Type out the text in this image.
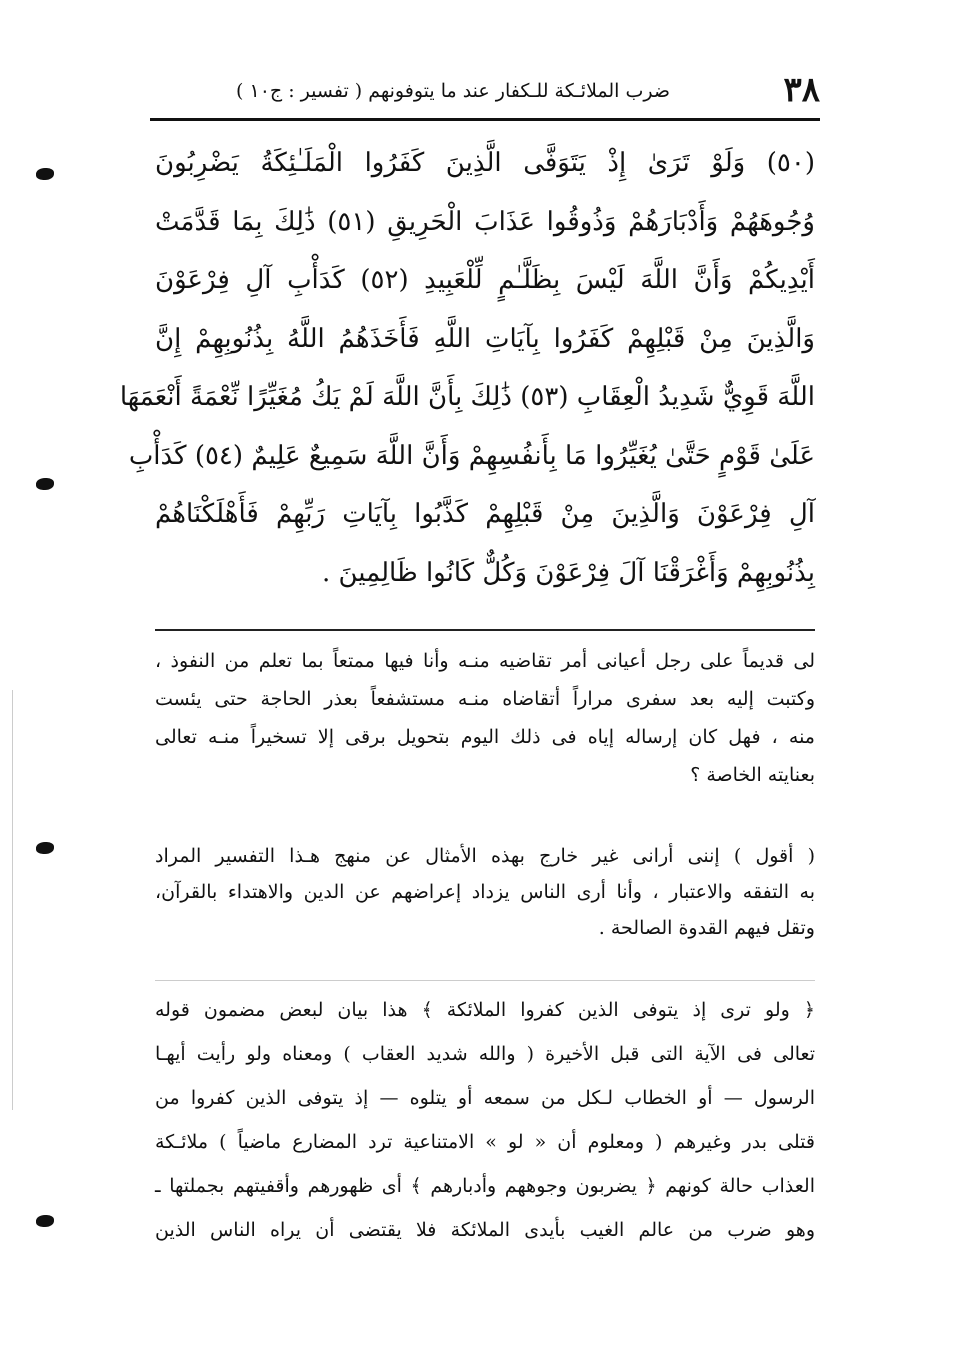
٣٨
ضرب الملائـكة للـكفار عند ما يتوفونهم ( تفسير : ج١٠ )
(٥٠) وَلَوْ تَرَىٰ إِذْ يَتَوَفَّى الَّذِينَ كَفَرُوا الْمَلَـٰئِكَةُ يَضْرِبُونَ
وُجُوهَهُمْ وَأَدْبَارَهُمْ وَذُوقُوا عَذَابَ الْحَرِيقِ (٥١) ذَٰلِكَ بِمَا قَدَّمَتْ
أَيْدِيكُمْ وَأَنَّ اللَّهَ لَيْسَ بِظَلَّـٰمٍ لِّلْعَبِيدِ (٥٢) كَدَأْبِ آلِ فِرْعَوْنَ
وَالَّذِينَ مِنْ قَبْلِهِمْ كَفَرُوا بِآيَاتِ اللَّهِ فَأَخَذَهُمُ اللَّهُ بِذُنُوبِهِمْ إِنَّ
اللَّهَ قَوِيٌّ شَدِيدُ الْعِقَابِ (٥٣) ذَٰلِكَ بِأَنَّ اللَّهَ لَمْ يَكُ مُغَيِّرًا نِّعْمَةً أَنْعَمَهَا
عَلَىٰ قَوْمٍ حَتَّىٰ يُغَيِّرُوا مَا بِأَنفُسِهِمْ وَأَنَّ اللَّهَ سَمِيعٌ عَلِيمٌ (٥٤) كَدَأْبِ
آلِ فِرْعَوْنَ وَالَّذِينَ مِنْ قَبْلِهِمْ كَذَّبُوا بِآيَاتِ رَبِّهِمْ فَأَهْلَكْنَاهُمْ
بِذُنُوبِهِمْ وَأَغْرَقْنَا آلَ فِرْعَوْنَ وَكُلٌّ كَانُوا ظَالِمِينَ .
لى قديماً على رجل أعيانى أمر تقاضيه منـه وأنا فيها ممتعاً بما تعلم من النفوذ ،
وكتبت إليه بعد سفرى مراراً أتقاضاه منـه مستشفعاً بعذر الحاجة حتى يئست
منه ، فهل كان إرساله إياه فى ذلك اليوم بتحويل برقى إلا تسخيراً منـه تعالى
بعنايته الخاصة ؟
( أقول ) إننى أرانى غير خارج بهذه الأمثال عن منهج هـذا التفسير المراد
به التفقه والاعتبار ، وأنا أرى الناس يزداد إعراضهم عن الدين والاهتداء بالقرآن،
وتقل فيهم القدوة الصالحة .
﴿ ولو ترى إذ يتوفى الذين كفروا الملائكة ﴾ هذا بيان لبعض مضمون قوله
تعالى فى الآية التى قبل الأخيرة ( والله شديد العقاب ) ومعناه ولو رأيت أيهـا
الرسول — أو الخطاب لـكل من سمعه أو يتلوه — إذ يتوفى الذين كفروا من
قتلى بدر وغيرهم ( ومعلوم أن « لو » الامتناعية ترد المضارع ماضياً ) ملائـكة
العذاب حالة كونهم ﴿ يضربون وجوههم وأدبارهم ﴾ أى ظهورهم وأقفيتهم بجملتها ـ
وهو ضرب من عالم الغيب بأيدى الملائكة فلا يقتضى أن يراه الناس الذين
